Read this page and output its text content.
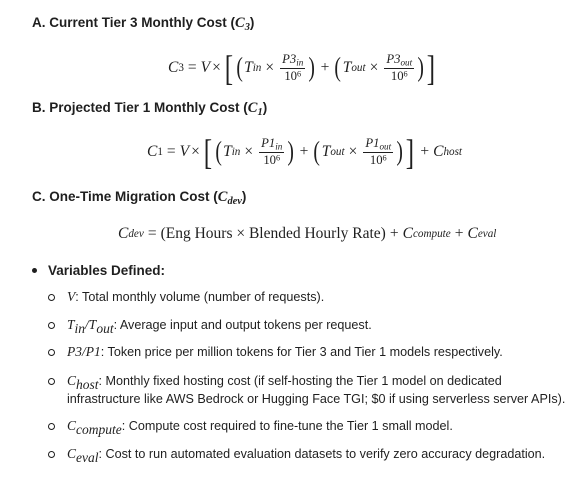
A. Current Tier 3 Monthly Cost $(C_3)$
C 3 = V × [ ( T in × $\frac{P3_{in}}{10^6}$ ) + ( T out × $\frac{P3_{out}}{10^6}$ ) ]
B. Projected Tier 1 Monthly Cost $(C_1)$
C 1 = V × [ ( T in × $\frac{P1_{in}}{10^6}$ ) + ( T out × $\frac{P1_{out}}{10^6}$ ) ] + C host
C. One-Time Migration Cost $(C_{dev})$
C dev = (Eng Hours × Blended Hourly Rate) + C compute + C eval
Variables Defined:
V: Total monthly volume (number of requests).
$T_{in}/T_{out}$: Average input and output tokens per request.
P3/P1: Token price per million tokens for Tier 3 and Tier 1 models respectively.
$C_{host}$: Monthly fixed hosting cost (if self-hosting the Tier 1 model on dedicated
infrastructure like AWS Bedrock or Hugging Face TGI; $0 if using serverless server APIs).
$C_{compute}$: Compute cost required to fine-tune the Tier 1 small model.
$C_{eval}$: Cost to run automated evaluation datasets to verify zero accuracy degradation.
